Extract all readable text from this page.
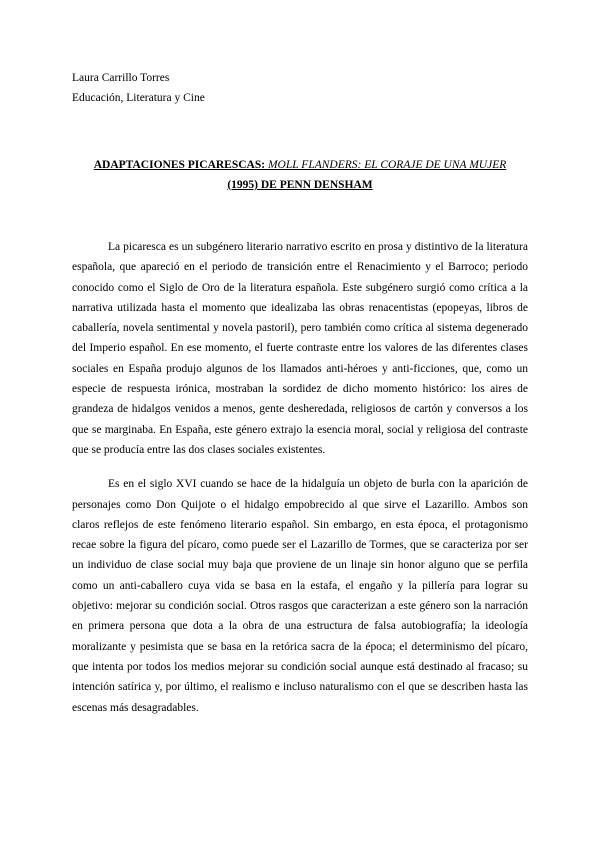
Laura Carrillo Torres
Educación, Literatura y Cine
ADAPTACIONES PICARESCAS: MOLL FLANDERS: EL CORAJE DE UNA MUJER
(1995) DE PENN DENSHAM

La picaresca es un subgénero literario narrativo escrito en prosa y distintivo de la literatura española, que apareció en el periodo de transición entre el Renacimiento y el Barroco; periodo conocido como el Siglo de Oro de la literatura española. Este subgénero surgió como crítica a la narrativa utilizada hasta el momento que idealizaba las obras renacentistas (epopeyas, libros de caballería, novela sentimental y novela pastoril), pero también como crítica al sistema degenerado del Imperio español. En ese momento, el fuerte contraste entre los valores de las diferentes clases sociales en España produjo algunos de los llamados anti-héroes y anti-ficciones, que, como un especie de respuesta irónica, mostraban la sordidez de dicho momento histórico: los aires de grandeza de hidalgos venidos a menos, gente desheredada, religiosos de cartón y conversos a los que se marginaba. En España, este género extrajo la esencia moral, social y religiosa del contraste que se producía entre las dos clases sociales existentes.

Es en el siglo XVI cuando se hace de la hidalguía un objeto de burla con la aparición de personajes como Don Quijote o el hidalgo empobrecido al que sirve el Lazarillo. Ambos son claros reflejos de este fenómeno literario español. Sin embargo, en esta época, el protagonismo recae sobre la figura del pícaro, como puede ser el Lazarillo de Tormes, que se caracteriza por ser un individuo de clase social muy baja que proviene de un linaje sin honor alguno que se perfila como un anti-caballero cuya vida se basa en la estafa, el engaño y la pillería para lograr su objetivo: mejorar su condición social. Otros rasgos que caracterizan a este género son la narración en primera persona que dota a la obra de una estructura de falsa autobiografía; la ideología moralizante y pesimista que se basa en la retórica sacra de la época; el determinismo del pícaro, que intenta por todos los medios mejorar su condición social aunque está destinado al fracaso; su intención satírica y, por último, el realismo e incluso naturalismo con el que se describen hasta las escenas más desagradables.
